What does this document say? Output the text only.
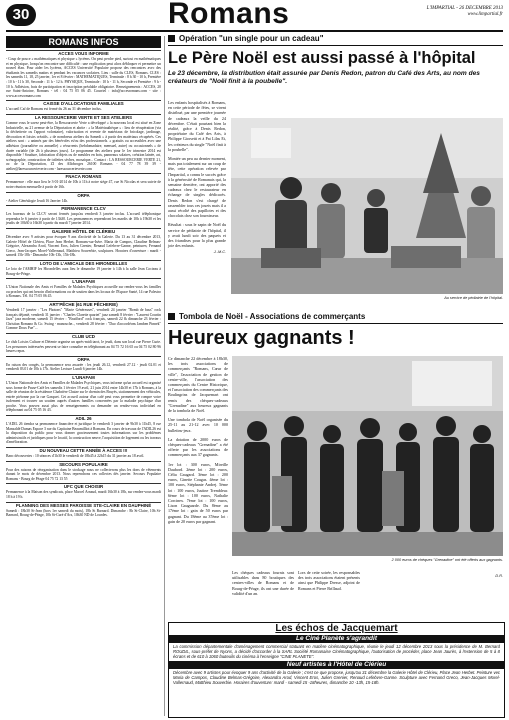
30	Romans	L'IMPARTIAL - 26 DECEMBRE 2013
www.limpartial.fr
ROMANS INFOS
ACCES VOUS INFORME
- Coup de pouce « mathématiques et physique » lycéens. On peut perdre pied, surtout en mathématiques et en physique, lorsqu'on rencontre une difficulté : une explication peut alors débloquer et permettre un nouvel élan. Pour aider les lycéens, ACCES Université Populaire propose des rencontres avec des étudiants les samedis matins et pendant les vacances scolaires. Lieu : salle du CLES, Romans. CLES : les samedis 11, 18, 25 janvier, 1er et 8 février : MATHEMATIQUES, Terminale : 8 h 30 - 10 h, Première : 10 h - 11 h 30, Seconde : 11 h - 12 h. PHYSIQUE, Terminale : 10 h - 11 h, Seconde et Première : 9 h - 10 h. Adhésion, frais de participation et inscription préalable obligatoire. Renseignements : ACCES, 20 rue Saint-Antoine, Romans - tél : 04 75 05 06 45. Courriel : info@accesromans.com - site : www.accesromans.com
CAISSE D'ALLOCATIONS FAMILIALES
L'accueil Caf de Romans est fermé du 26 au 31 décembre inclus.
LA RESSOURCERIE VERTE ET SES ATELIERS
Comme vous le savez peut-être, la Ressourcerie Verte a développé « la nouveau local est situé en Zone Industrielle, au 21 avenue de la Déportation et abrite : « la Matériauthèque » : lieu de récupération (via la déchetterie ou l'apport volontaire), valorisation et revente de matériaux de bricolage, jardinage, décoration et loisirs créatifs. « de nombreux ateliers du Samedi » à partir des matériaux récupérés. Ces ateliers sont : « animés par des bénévoles et/ou des professionnels. « gratuits ou accessibles avec une adhésion (journalière ou annuelle) « récurrents (hebdomadaire, mensuel, autre) ou occasionnels « de durée variable (de 2h à plusieurs jours). Le programme des ateliers pour le 1er trimestre 2014 est disponible ! Soudure, fabrication d'objets ou de meubles en bois, panneaux solaires, création lainée, art, scénographie, construction de toilettes sèches, mosaïque... Contact : LA RESSOURCERIE VERTE 21, av. de la Déportation, ZI des Allobroges 26100 Romans - 04 77 78 39 39 - atelier@laressourcerieverte.com - laressourcerieverte.com
FNACA ROMANS
Permanence : elle aura lieu le 3-01-2014 de 10h à 11h à notre siège 47, rue St Nicolas et sera suivie de notre réunion mensuelle à partir de 16h.
ORPA
- Atelier Généalogie Jeudi 16 Janvier 14h.
PERMANENCE CLCV
Les bureaux de la CLCV seront fermés jusqu'au vendredi 3 janvier inclus. L'accueil téléphonique reprendra le 6 janvier à partir de 13h30. Les permanences reprendront les mardis de 10h à 19h30 et les jeudis de 10h30 à 16h30 à partir du mardi 7 janvier 2014.
GALERIE HÔTEL DE CLÉRIEU
Décembre avec 9 artistes pour évoquer 9 ans d'activité de la Galerie. Du 13 au 31 décembre 2013, Galerie Hôtel de Clérieu, Place Jean Herbet. Romans-sur-Isère. Maria de Campos, Claudine Belmas-Grégoire, Alexandra Arod, Vincent Eros, Julien Grenier, Renaud Lefebvre-Ganne, peintures; Fernand Greco, Jean-Jacques Morel-Vallernaud, Matthieu Souverbie, sculptures. Horaires d'ouverture : mardi - samedi 15h-18h - Dimanche 10h-13h, 15h-18h.
LOTO DE L'AMICALE DES HIRONDELLES
Le loto de l'AMHIF les Hirondelles aura lieu le dimanche 19 janvier à 14h à la salle Jean Cocteau à Bourg-de-Péage.
L'UNAFAM
L'Union Nationale des Amis et Familles de Malades Psychiques accueille sur rendez-vous les familles ou proches qui ont besoin d'informations ou de soutien dans les locaux de l'Espace Santé, 14 rue Palestro à Romans. Tél. 04 75 05 06 45.
ART'PÊCHE (61 RUE PÊCHERIE)
Vendredi 17 janvier : "Les Photons" "Marie Généreuses", vendredi 24 janvier "Bomb de bass" rock français déjanté, vendredi 31 janvier : "Charles Clarette quartet" jazz samedi 8 février : "Laurent Courtin Jazz" jazz moderne, samedi 15 février : "Bradford" rock français, samedi 22 & dimanche 23 février : Christian Romano & Co. Swing - manouche.., vendredi 28 février : "Duo d'accordéons Jamben Pinnek" Comme Doux Pue"...
CLUB UCD
Le club Loisirs Culture et Détente organise un après-midi tarot, le jeudi, dans son local rue Pierre Curie. Les personnes intéressées peuvent se faire connaître en téléphonant au 04 75 72 16 65 ou 04 75 02 80 96 heures repas.
ORPA
En raison des congés, la permanence sera assurée : les jeudi 26.12, vendredi 27.12 - jeudi 02.01 et vendredi 03.01 de 10h à 17h. Atelier Lecture Lundi 6 janvier 14h.
L'UNAFAM
L'Union Nationale des Amis et Familles de Malades Psychiques, vous informe qu'un accueil est organisé sous forme de Passe-Café les samedis 1 février 19 avril, 21 juin 2014 entre 14h30 et 17h à Romans, à la salle de réunion de la résidence Chabrière Chaize sur le chemin des Bruyés, stationnement des véhicules, entrée piétonne par la rue Gasquet. Cet accueil autour d'un café peut vous permettre de rompre votre isolement et trouver un soutien auprès d'autres familles concernées par la maladie psychique d'un proche. Vous pouvez aussi plus de renseignements ou demander un rendez-vous individuel en téléphonant au 04 75 05 16 43.
ADIL 26
L'ADIL 26 tiendra sa permanence financière et juridique le vendredi 3 janvier de 9h30 à 11h45, 8 rue Mansaldé Dumas Espace 3 rue du Capitaine Beaumilliot à Romans. En cours de travaux de l'ADIL26 est la disposition du public pour vous donner gracieusement toutes informations sur les problèmes administratifs et juridiques pour le locatif, la construction neuve, l'acquisition de logement ou les travaux d'amélioration.
DU NOUVEAU CETTE ANNÉE À ACCES !!!
Banc découvertes : 10 séances d'1h30 le vendredi de 18h45 à 22h15 du 31 janvier au 18 avril.
SECOURS POPULAIRE
Pour des raisons de réorganisation dans le stockage nous ne collecterons plus les dons de vêtements durant le mois de décembre 2013. Nous reprendrons ces collectes dès janvier. Secours Populaire Romans - Bourg de Péage 04 75 72 13 55
UFC QUE CHOISIR
Permanence à la Maison des syndicats, place Marcel Arnaud, mardi 16h30 à 18h, sur rendez-vous mardi 18 h à 19 h.
PLANNING DES MESSES PAROISSE STE-CLAIRE EN DAUPHINÉ
Samedi : 18h30 St-Jean (hors 1er samedi du mois), 18h St Barnard. Dimanche : 8h St-Claire, 10h St-Barnard, Bourg-de-Péage, 10h St-Curé d'Ars, 10h30 ND de Lourdes.
Opération "un single pour un cadeau"
Le Père Noël est aussi passé à l'hôpital
Le 23 décembre, la distribution était assurée par Denis Redon, patron du Café des Arts, au nom des créateurs de "Noël finit à la poubelle".
Les enfants hospitalisés à Romans, en cette période de fêtes, se virent distribué, par une première journée de cadeaux la veille du 24 décembre. C'était pourtant bien la réalité, grâce à Denis Redon, propriétaire du Café des Arts, à Philippe Giorsetti et à Pat Lilas Et, les créateurs du single "Noël finit à la poubelle".
Montée un peu au dernier moment, mais pas totalement sur un coup de tête, cette opération relevée par l'Impartial, a connu le succès grâce à la générosité de Romanais qui, la semaine dernière, ont apporté des cadeaux chez le restaurateur en échange de singles dédicacés. Denis Redon s'est chargé de rassembler tous ces jouets mais il a aussi récolté des papillotes et des chocolats chez son fournisseur.
Résultat : sous le sapin de Noël du service de pédiatrie de l'hôpital, il y avait lundi soir des paquets et des friandises pour la plus grande joie des enfants.
J.-M.C.
Au service de pédiatrie de l'hôpital.
Tombola de Noël - Associations de commerçants
Heureux gagnants !
Ce dimanche 22 décembre à 18h30, les trois associations de commerçants "Romans, Cœur de ville", l'association de gestion de centre-ville, l'association des commerçants du Centre Historique, et l'association des commerçants des Boulingrins de Jacquemart ont remis des chèques-cadeaux "Grenadine" aux heureux gagnants de la tombola de Noël.
Une tombola de Noël organisée du 25-11 au 21-12 avec 10 000 bulletins-jeux.
La dotation de 2000 euros de chèques-cadeaux "Grenadine" a été offerte par les associations de commerçants aux 37 gagnants.
1er lot : 300 euros, Mireille Daubord. 2ème lot : 200 euros, Célia Gaugard. 3ème lot : 200 euros, Ginette Cougas. 4ème lot : 100 euros, Stéphanie Andrej. 5ème lot : 100 euros, Justine Trembleur. 6ème lot : 100 euros, Nathalie Corcinex. 7ème lot : 100 euros, Lison Gauguarde. Du 8ème au 17ème lot : gain de 50 euros par gagnant. Du 18ème au 37ème lot : gain de 20 euros par gagnant.
2 000 euros de chèques "Grenadine" ont été offerts aux gagnants.
Les chèques cadeaux fournis sont utilisables dans 80 boutiques des centres-villes de Romans et de Bourg-de-Péage, ils ont une durée de validité d'un an.
Lors de cette soirée, les responsables des trois associations étaient présents ainsi que Philippe Dresse, adjoint de Romans et Pierre Brillaud.
D.R.
Les échos de Jacquemart
Le Ciné Planète s'agrandit
La commission départementale d'aménagement commercial statuant en matière cinématographique, réunie le jeudi 12 décembre 2013 sous la présidence de M. Bernard ROUDIL, sous-préfet de Nyons, a décidé d'accorder à la SARL Société Romanaise Cinématographique, l'autorisation de procéder, place Jean Jaurès, à l'extension de 5 à 8 écrans et de 610 à 1060 fauteuils du cinéma à l'enseigne "CINE PLANETE".
Neuf artistes à l'Hôtel de Clérieu
Décembre avec 9 artistes pour évoquer 9 ans d'activité de la Galerie ; c'est ce que propose, jusqu'au 31 décembre la Galerie Hôtel de Clérieu, Place Jean Herbet. Peinture vec Maria de Campos, Claudine Belmas-Grégoire, Alexandra Arod, Vincent Eros, Julien Grenier, Renaud Lefebvre-Ganne. Sculpture avec Fernand Greco, Jean-Jacques Morel-Vallernaud, Matthieu Souverbie. Horaires d'ouverture: mardi - samedi 15 -18heures, dimanche 10 -13h, 15-18h.
